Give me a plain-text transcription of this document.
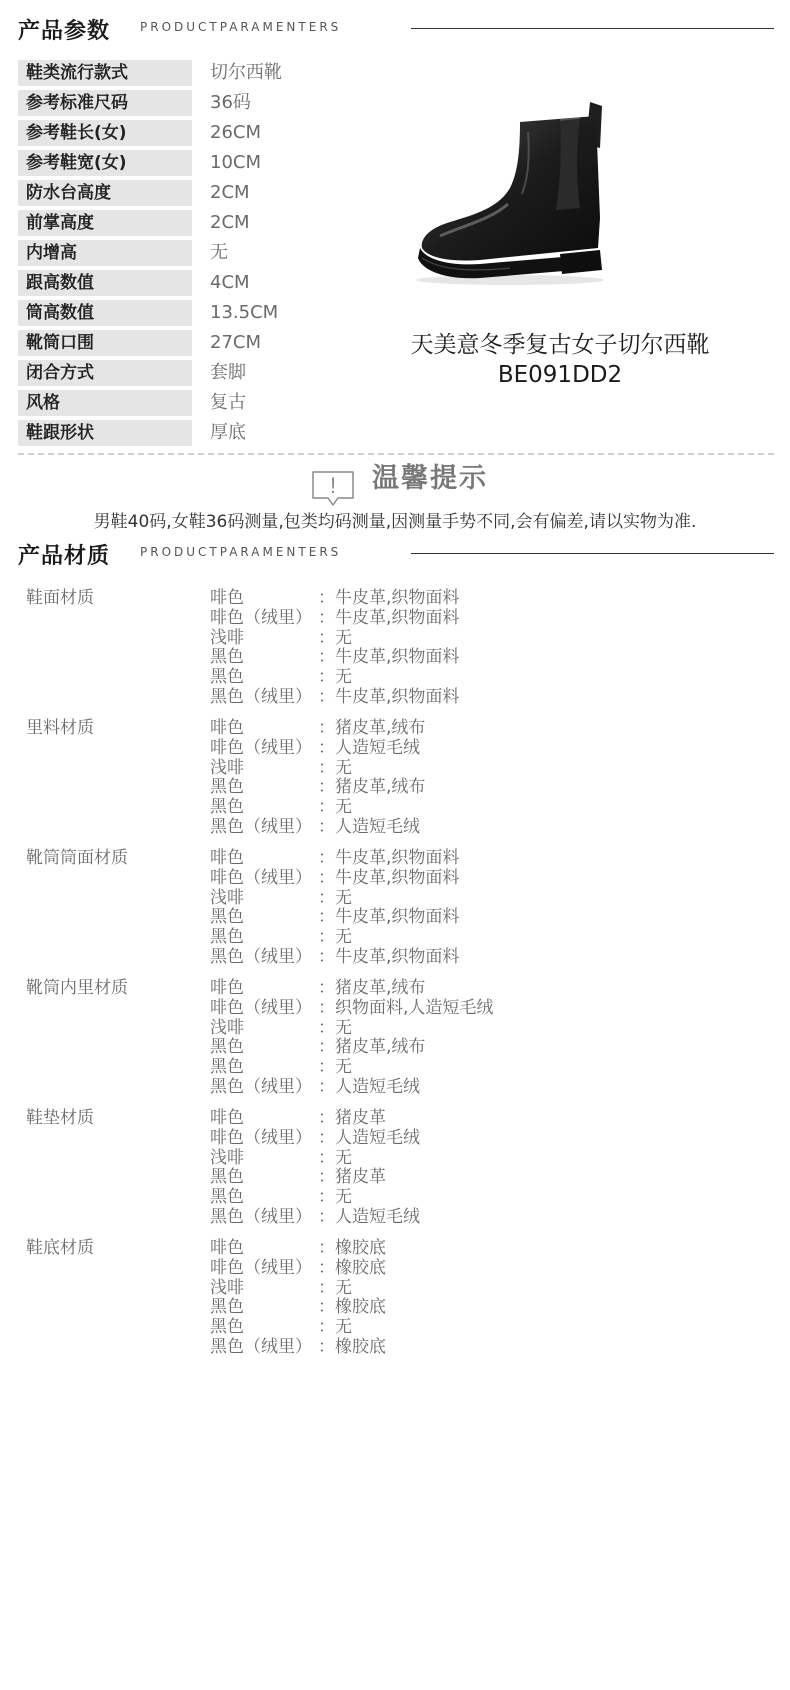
产品参数 PRODUCTPARAMENTERS
鞋类流行款式	切尔西靴
参考标准尺码	36码
参考鞋长(女)	26CM
参考鞋宽(女)	10CM
防水台高度	2CM
前掌高度	2CM
内增高	无
跟高数值	4CM
筒高数值	13.5CM
靴筒口围	27CM
闭合方式	套脚
风格	复古
鞋跟形状	厚底
天美意冬季复古女子切尔西靴
BE091DD2
! 温馨提示
男鞋40码,女鞋36码测量,包类均码测量,因测量手势不同,会有偏差,请以实物为准.
产品材质 PRODUCTPARAMENTERS
鞋面材质	啡色	：牛皮革,织物面料
啡色（绒里） ：牛皮革,织物面料
浅啡	：无
黑色	：牛皮革,织物面料
黑色	：无
黑色（绒里） ：牛皮革,织物面料
里料材质	啡色	：猪皮革,绒布
啡色（绒里） ：人造短毛绒
浅啡	：无
黑色	：猪皮革,绒布
黑色	：无
黑色（绒里） ：人造短毛绒
靴筒筒面材质	啡色	：牛皮革,织物面料
啡色（绒里） ：牛皮革,织物面料
浅啡	：无
黑色	：牛皮革,织物面料
黑色	：无
黑色（绒里） ：牛皮革,织物面料
靴筒内里材质	啡色	：猪皮革,绒布
啡色（绒里） ：织物面料,人造短毛绒
浅啡	：无
黑色	：猪皮革,绒布
黑色	：无
黑色（绒里） ：人造短毛绒
鞋垫材质	啡色	：猪皮革
啡色（绒里） ：人造短毛绒
浅啡	：无
黑色	：猪皮革
黑色	：无
黑色（绒里） ：人造短毛绒
鞋底材质	啡色	：橡胶底
啡色（绒里） ：橡胶底
浅啡	：无
黑色	：橡胶底
黑色	：无
黑色（绒里） ：橡胶底
